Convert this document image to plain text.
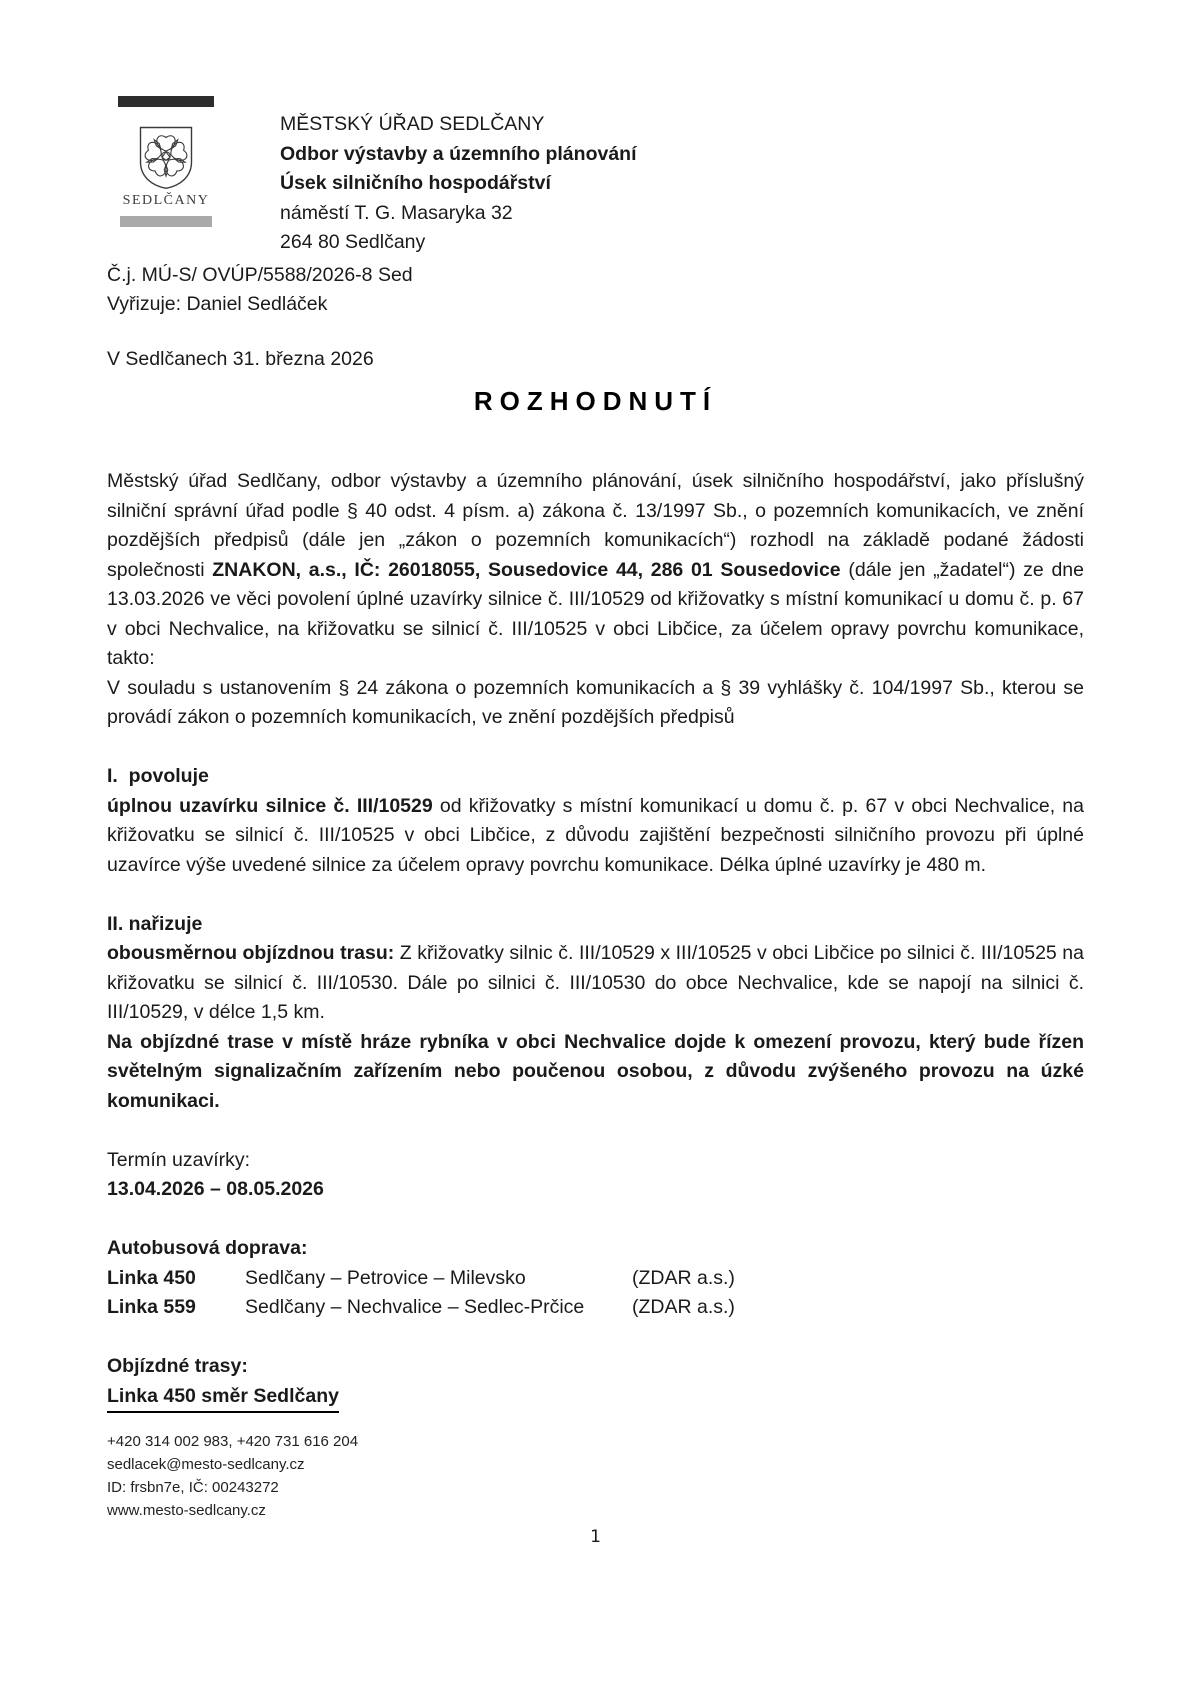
SEDLČANY
MĚSTSKÝ ÚŘAD SEDLČANY
Odbor výstavby a územního plánování
Úsek silničního hospodářství
náměstí T. G. Masaryka 32
264 80 Sedlčany
Č.j. MÚ-S/ OVÚP/5588/2026-8 Sed
Vyřizuje: Daniel Sedláček
V Sedlčanech 31. března 2026
ROZHODNUTÍ

Městský úřad Sedlčany, odbor výstavby a územního plánování, úsek silničního hospodářství, jako příslušný silniční správní úřad podle § 40 odst. 4 písm. a) zákona č. 13/1997 Sb., o pozemních komunikacích, ve znění pozdějších předpisů (dále jen „zákon o pozemních komunikacích“) rozhodl na základě podané žádosti společnosti ZNAKON, a.s., IČ: 26018055, Sousedovice 44, 286 01 Sousedovice (dále jen „žadatel“) ze dne 13.03.2026 ve věci povolení úplné uzavírky silnice č. III/10529 od křižovatky s místní komunikací u domu č. p. 67 v obci Nechvalice, na křižovatku se silnicí č. III/10525 v obci Libčice, za účelem opravy povrchu komunikace, takto:

V souladu s ustanovením § 24 zákona o pozemních komunikacích a § 39 vyhlášky č. 104/1997 Sb., kterou se provádí zákon o pozemních komunikacích, ve znění pozdějších předpisů

I.  povoluje

úplnou uzavírku silnice č. III/10529 od křižovatky s místní komunikací u domu č. p. 67 v obci Nechvalice, na křižovatku se silnicí č. III/10525 v obci Libčice, z důvodu zajištění bezpečnosti silničního provozu při úplné uzavírce výše uvedené silnice za účelem opravy povrchu komunikace. Délka úplné uzavírky je 480 m.

II. nařizuje

obousměrnou objízdnou trasu: Z křižovatky silnic č. III/10529 x III/10525 v obci Libčice po silnici č. III/10525 na křižovatku se silnicí č. III/10530. Dále po silnici č. III/10530 do obce Nechvalice, kde se napojí na silnici č. III/10529, v délce 1,5 km.

Na objízdné trase v místě hráze rybníka v obci Nechvalice dojde k omezení provozu, který bude řízen světelným signalizačním zařízením nebo poučenou osobou, z důvodu zvýšeného provozu na úzké komunikaci.

Termín uzavírky:

13.04.2026 – 08.05.2026

Autobusová doprava:

Linka 450	Sedlčany – Petrovice – Milevsko	(ZDAR a.s.)
Linka 559	Sedlčany – Nechvalice – Sedlec-Prčice	(ZDAR a.s.)

Objízdné trasy:

Linka 450 směr Sedlčany

+420 314 002 983, +420 731 616 204
sedlacek@mesto-sedlcany.cz
ID: frsbn7e, IČ: 00243272
www.mesto-sedlcany.cz
1
